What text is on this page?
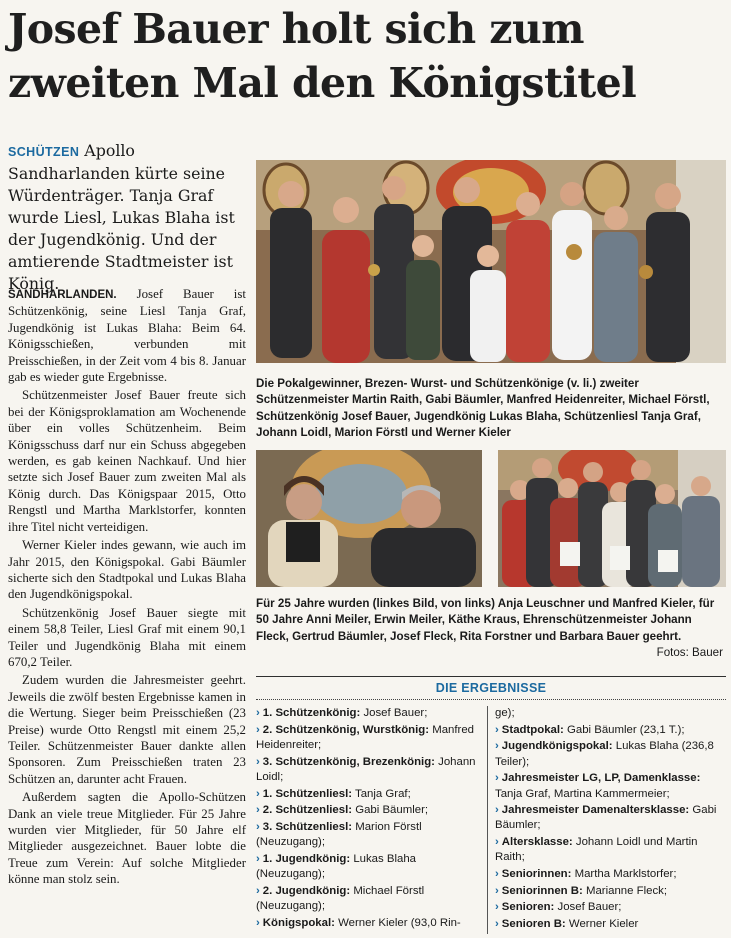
Josef Bauer holt sich zum zweiten Mal den Königstitel

SCHÜTZEN Apollo Sandharlanden kürte seine Würdenträger. Tanja Graf wurde Liesl, Lukas Blaha ist der Jugendkönig. Und der amtierende Stadtmeister ist König.

SANDHARLANDEN. Josef Bauer ist Schützenkönig, seine Liesl Tanja Graf, Jugendkönig ist Lukas Blaha: Beim 64. Königsschießen, verbunden mit Preisschießen, in der Zeit vom 4 bis 8. Januar gab es wieder gute Ergebnisse.

Schützenmeister Josef Bauer freute sich bei der Königsproklamation am Wochenende über ein volles Schützenheim. Beim Königsschuss darf nur ein Schuss abgegeben werden, es gab keinen Nachkauf. Und hier setzte sich Josef Bauer zum zweiten Mal als König durch. Das Königspaar 2015, Otto Rengstl und Martha Marklstorfer, konnten ihre Titel nicht verteidigen.

Werner Kieler indes gewann, wie auch im Jahr 2015, den Königspokal. Gabi Bäumler sicherte sich den Stadtpokal und Lukas Blaha den Jugendkönigspokal.

Schützenkönig Josef Bauer siegte mit einem 58,8 Teiler, Liesl Graf mit einem 90,1 Teiler und Jugendkönig Blaha mit einem 670,2 Teiler.

Zudem wurden die Jahresmeister geehrt. Jeweils die zwölf besten Ergebnisse kamen in die Wertung. Sieger beim Preisschießen (23 Preise) wurde Otto Rengstl mit einem 25,2 Teiler. Schützenmeister Bauer dankte allen Sponsoren. Zum Preisschießen traten 23 Schützen an, darunter acht Frauen.

Außerdem sagten die Apollo-Schützen Dank an viele treue Mitglieder. Für 25 Jahre wurden vier Mitglieder, für 50 Jahre elf Mitglieder ausgezeichnet. Bauer lobte die Treue zum Verein: Auf solche Mitglieder könne man stolz sein.

Die Pokalgewinner, Brezen- Wurst- und Schützenkönige (v. li.) zweiter Schützenmeister Martin Raith, Gabi Bäumler, Manfred Heidenreiter, Michael Förstl, Schützenkönig Josef Bauer, Jugendkönig Lukas Blaha, Schützenliesl Tanja Graf, Johann Loidl, Marion Förstl und Werner Kieler

Für 25 Jahre wurden (linkes Bild, von links) Anja Leuschner und Manfred Kieler, für 50 Jahre Anni Meiler, Erwin Meiler, Käthe Kraus, Ehrenschützenmeister Johann Fleck, Gertrud Bäumler, Josef Fleck, Rita Forstner und Barbara Bauer geehrt.

Fotos: Bauer
DIE ERGEBNISSE
› 1. Schützenkönig: Josef Bauer;
› 2. Schützenkönig, Wurstkönig: Manfred Heidenreiter;
› 3. Schützenkönig, Brezenkönig: Johann Loidl;
› 1. Schützenliesl: Tanja Graf;
› 2. Schützenliesl: Gabi Bäumler;
› 3. Schützenliesl: Marion Förstl (Neuzugang);
› 1. Jugendkönig: Lukas Blaha (Neuzugang);
› 2. Jugendkönig: Michael Förstl (Neuzugang);
› Königspokal: Werner Kieler (93,0 Rin-
ge);
› Stadtpokal: Gabi Bäumler (23,1 T.);
› Jugendkönigspokal: Lukas Blaha (236,8 Teiler);
› Jahresmeister LG, LP, Damenklasse: Tanja Graf, Martina Kammermeier;
› Jahresmeister Damenaltersklasse: Gabi Bäumler;
› Altersklasse: Johann Loidl und Martin Raith;
› Seniorinnen: Martha Marklstorfer;
› Seniorinnen B: Marianne Fleck;
› Senioren: Josef Bauer;
› Senioren B: Werner Kieler
